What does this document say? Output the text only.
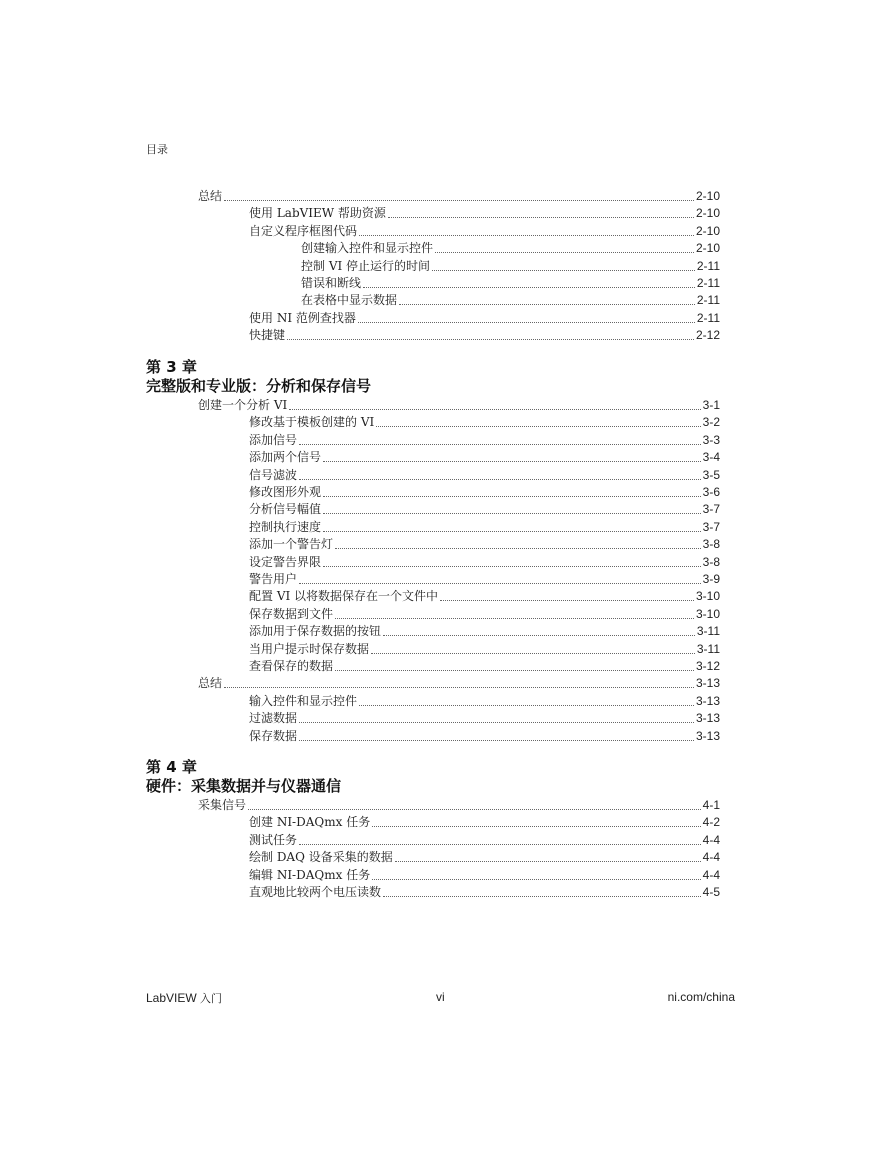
目录
LabVIEW 入门	vi	ni.com/china
总结	2-10
使用 LabVIEW 帮助资源	2-10
自定义程序框图代码	2-10
创建输入控件和显示控件	2-10
控制 VI 停止运行的时间	2-11
错误和断线	2-11
在表格中显示数据	2-11
使用 NI 范例查找器	2-11
快捷键	2-12
第 3 章
完整版和专业版：分析和保存信号
创建一个分析 VI	3-1
修改基于模板创建的 VI	3-2
添加信号	3-3
添加两个信号	3-4
信号滤波	3-5
修改图形外观	3-6
分析信号幅值	3-7
控制执行速度	3-7
添加一个警告灯	3-8
设定警告界限	3-8
警告用户	3-9
配置 VI 以将数据保存在一个文件中	3-10
保存数据到文件	3-10
添加用于保存数据的按钮	3-11
当用户提示时保存数据	3-11
查看保存的数据	3-12
总结	3-13
输入控件和显示控件	3-13
过滤数据	3-13
保存数据	3-13
第 4 章
硬件：采集数据并与仪器通信
采集信号	4-1
创建 NI-DAQmx 任务	4-2
测试任务	4-4
绘制 DAQ 设备采集的数据	4-4
编辑 NI-DAQmx 任务	4-4
直观地比较两个电压读数	4-5
